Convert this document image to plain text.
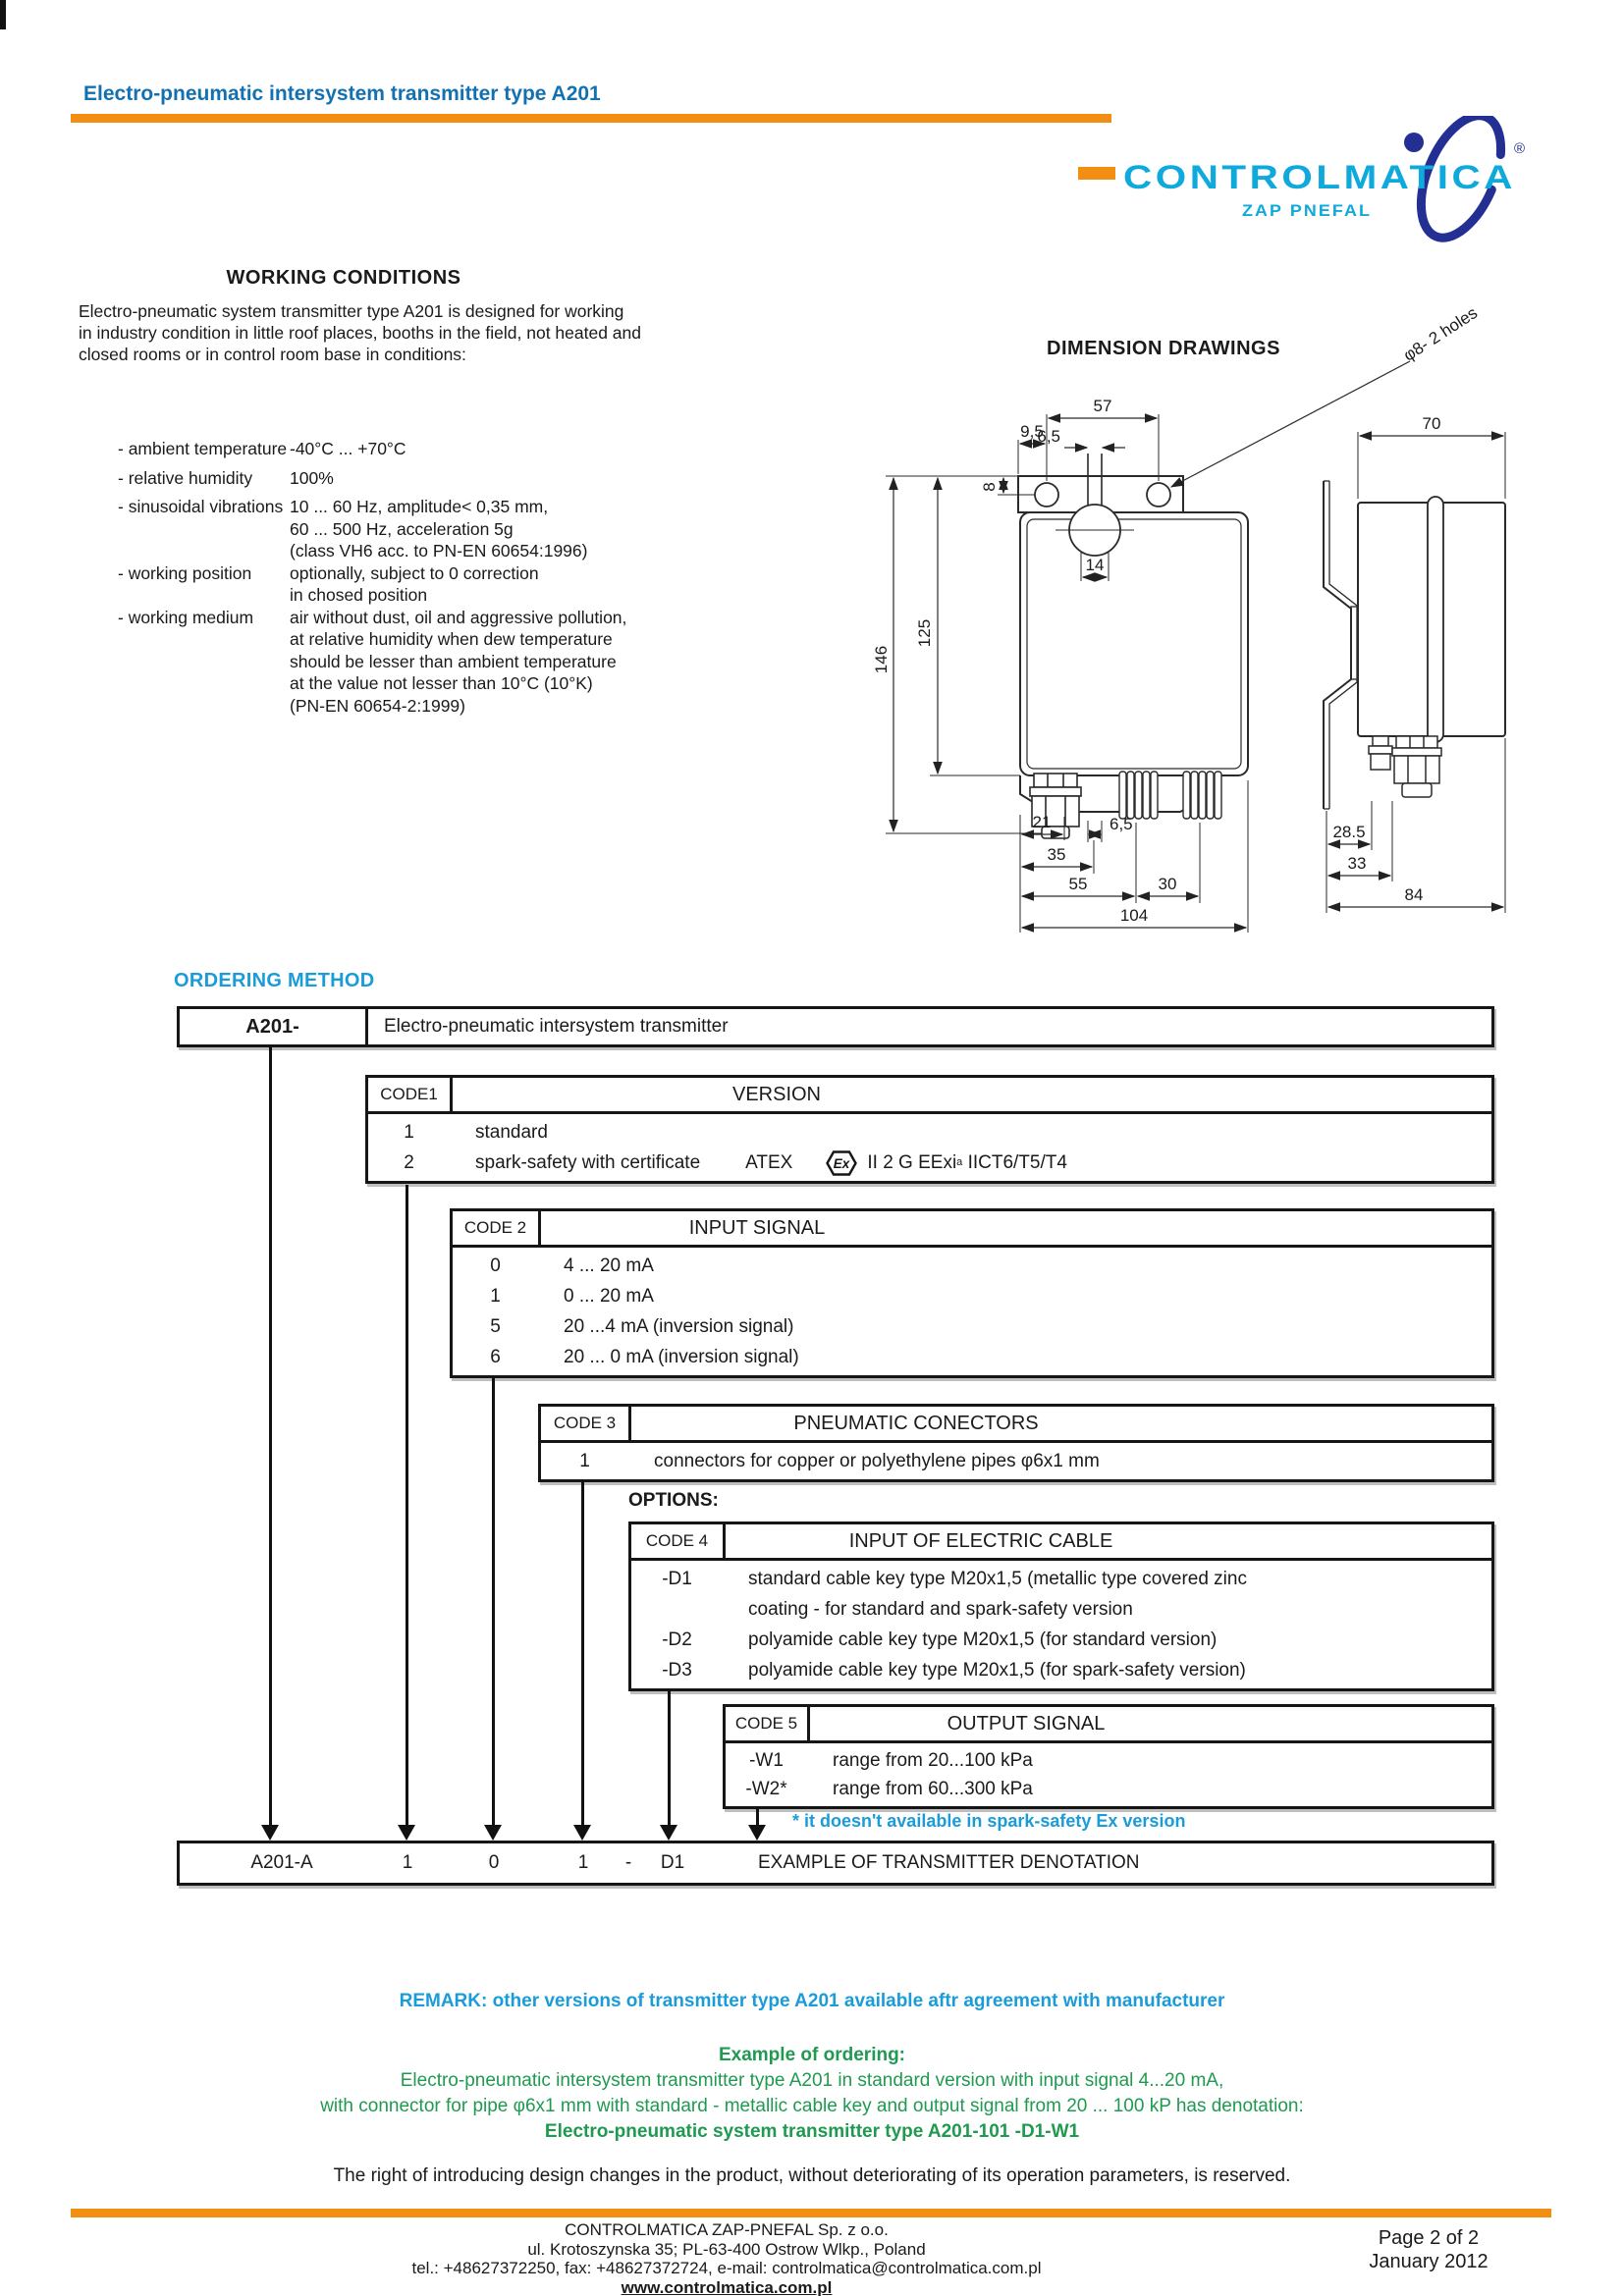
Electro-pneumatic intersystem transmitter type A201
CONTROLMATICA
ZAP PNEFAL
®
WORKING CONDITIONS
Electro-pneumatic system transmitter type A201 is designed for working
in industry condition in little roof places, booths in the field, not heated and
closed rooms or in control room base in conditions:
- ambient temperature -40°C ... +70°C
- relative humidity	100%
- sinusoidal vibrations 10 ... 60 Hz, amplitude< 0,35 mm,
60 ... 500 Hz, acceleration 5g
(class VH6 acc. to PN-EN 60654:1996)
- working position	optionally, subject to 0 correction
in chosed position
- working medium	air without dust, oil and aggressive pollution,
at relative humidity when dew temperature
should be lesser than ambient temperature
at the value not lesser than 10°C (10°K)
(PN-EN 60654-2:1999)
DIMENSION DRAWINGS
57
9,5
6,5
8
φ8- 2 holes
14
146
125
21	6,5
35
55	30
104
70
28.5
33
84
ORDERING METHOD
A201-	Electro-pneumatic intersystem transmitter
CODE1	VERSION
1	standard
2	spark-safety with certificate ATEX	Ex II 2 G EExi a
IICT6/T5/T4
CODE 2	INPUT SIGNAL
0	4 ... 20 mA
1	0 ... 20 mA
5	20 ...4 mA (inversion signal)
6	20 ... 0 mA (inversion signal)
CODE 3	PNEUMATIC CONECTORS
1	connectors for copper or polyethylene pipes φ6x1 mm
OPTIONS:
CODE 4	INPUT OF ELECTRIC CABLE
-D1	standard cable key type M20x1,5 (metallic type covered zinc
coating - for standard and spark-safety version
-D2	polyamide cable key type M20x1,5 (for standard version)
-D3	polyamide cable key type M20x1,5 (for spark-safety version)
CODE 5	OUTPUT SIGNAL
-W1	range from 20...100 kPa
-W2*	range from 60...300 kPa
* it doesn't available in spark-safety Ex version
A201-A	1	0	1 - D1	EXAMPLE OF TRANSMITTER DENOTATION
REMARK: other versions of transmitter type A201 available aftr agreement with manufacturer
Example of ordering:
Electro-pneumatic intersystem transmitter type A201 in standard version with input signal 4...20 mA,
with connector for pipe φ6x1 mm with standard - metallic cable key and output signal from 20 ... 100 kP has denotation:
Electro-pneumatic system transmitter type A201-101 -D1-W1
The right of introducing design changes in the product, without deteriorating of its operation parameters, is reserved.
CONTROLMATICA ZAP-PNEFAL Sp. z o.o.
ul. Krotoszynska 35; PL-63-400 Ostrow Wlkp., Poland
tel.: +48627372250, fax: +48627372724, e-mail: controlmatica@controlmatica.com.pl
www.controlmatica.com.pl
Page 2 of 2
January 2012
